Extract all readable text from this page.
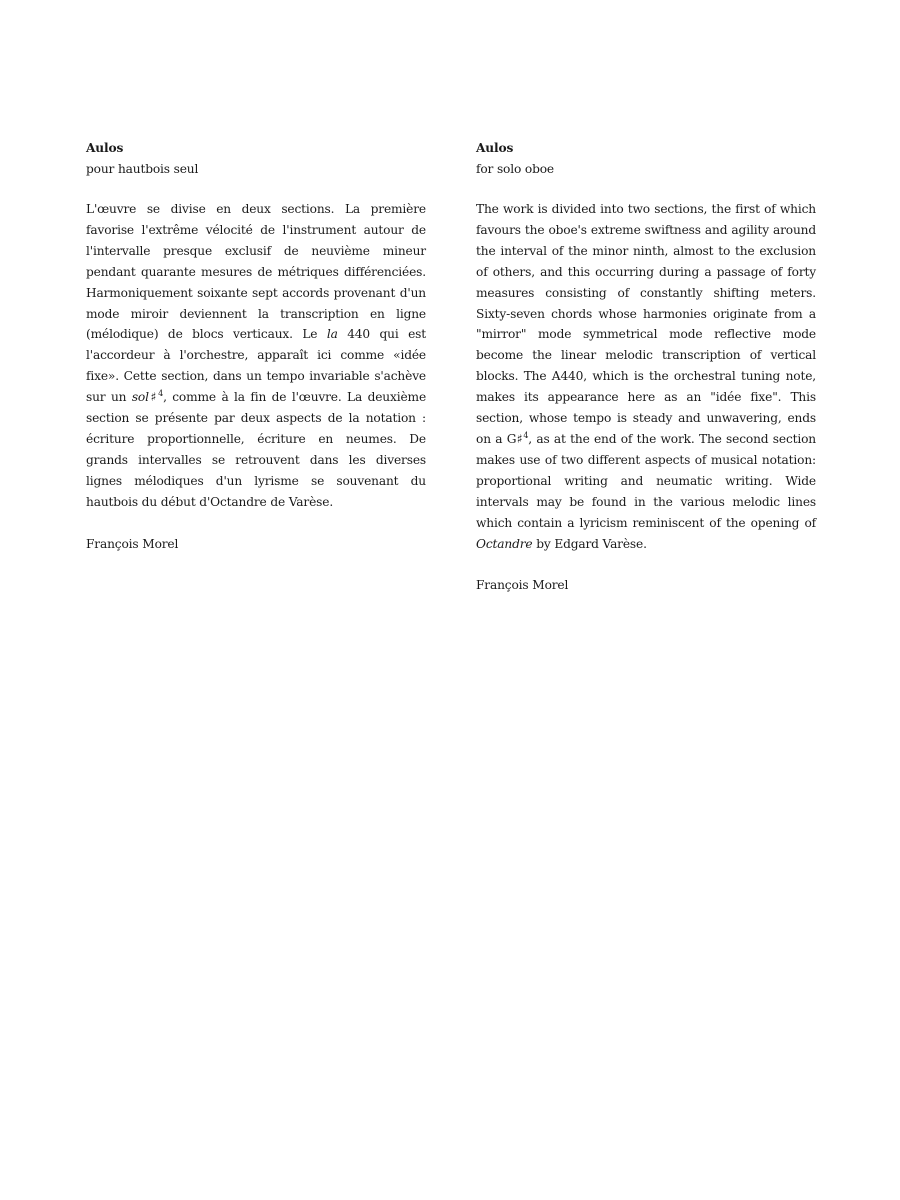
Aulos

pour hautbois seul

L'œuvre se divise en deux sections. La première favorise l'extrême vélocité de l'instrument autour de l'intervalle presque exclusif de neuvième mineur pendant quarante mesures de métriques différenciées. Harmoniquement soixante sept accords provenant d'un mode miroir deviennent la transcription en ligne (mélodique) de blocs verticaux. Le la 440 qui est l'accordeur à l'orchestre, apparaît ici comme «idée fixe». Cette section, dans un tempo invariable s'achève sur un sol♯$^4$, comme à la fin de l'œuvre. La deuxième section se présente par deux aspects de la notation : écriture proportionnelle, écriture en neumes. De grands intervalles se retrouvent dans les diverses lignes mélodiques d'un lyrisme se souvenant du hautbois du début d'Octandre de Varèse.

François Morel

Aulos

for solo oboe

The work is divided into two sections, the first of which favours the oboe's extreme swiftness and agility around the interval of the minor ninth, almost to the exclusion of others, and this occurring during a passage of forty measures consisting of constantly shifting meters. Sixty-seven chords whose harmonies originate from a "mirror" mode symmetrical mode reflective mode become the linear melodic transcription of vertical blocks. The A440, which is the orchestral tuning note, makes its appearance here as an "idée fixe". This section, whose tempo is steady and unwavering, ends on a G♯$^4$, as at the end of the work. The second section makes use of two different aspects of musical notation: proportional writing and neumatic writing. Wide intervals may be found in the various melodic lines which contain a lyricism reminiscent of the opening of Octandre by Edgard Varèse.

François Morel
